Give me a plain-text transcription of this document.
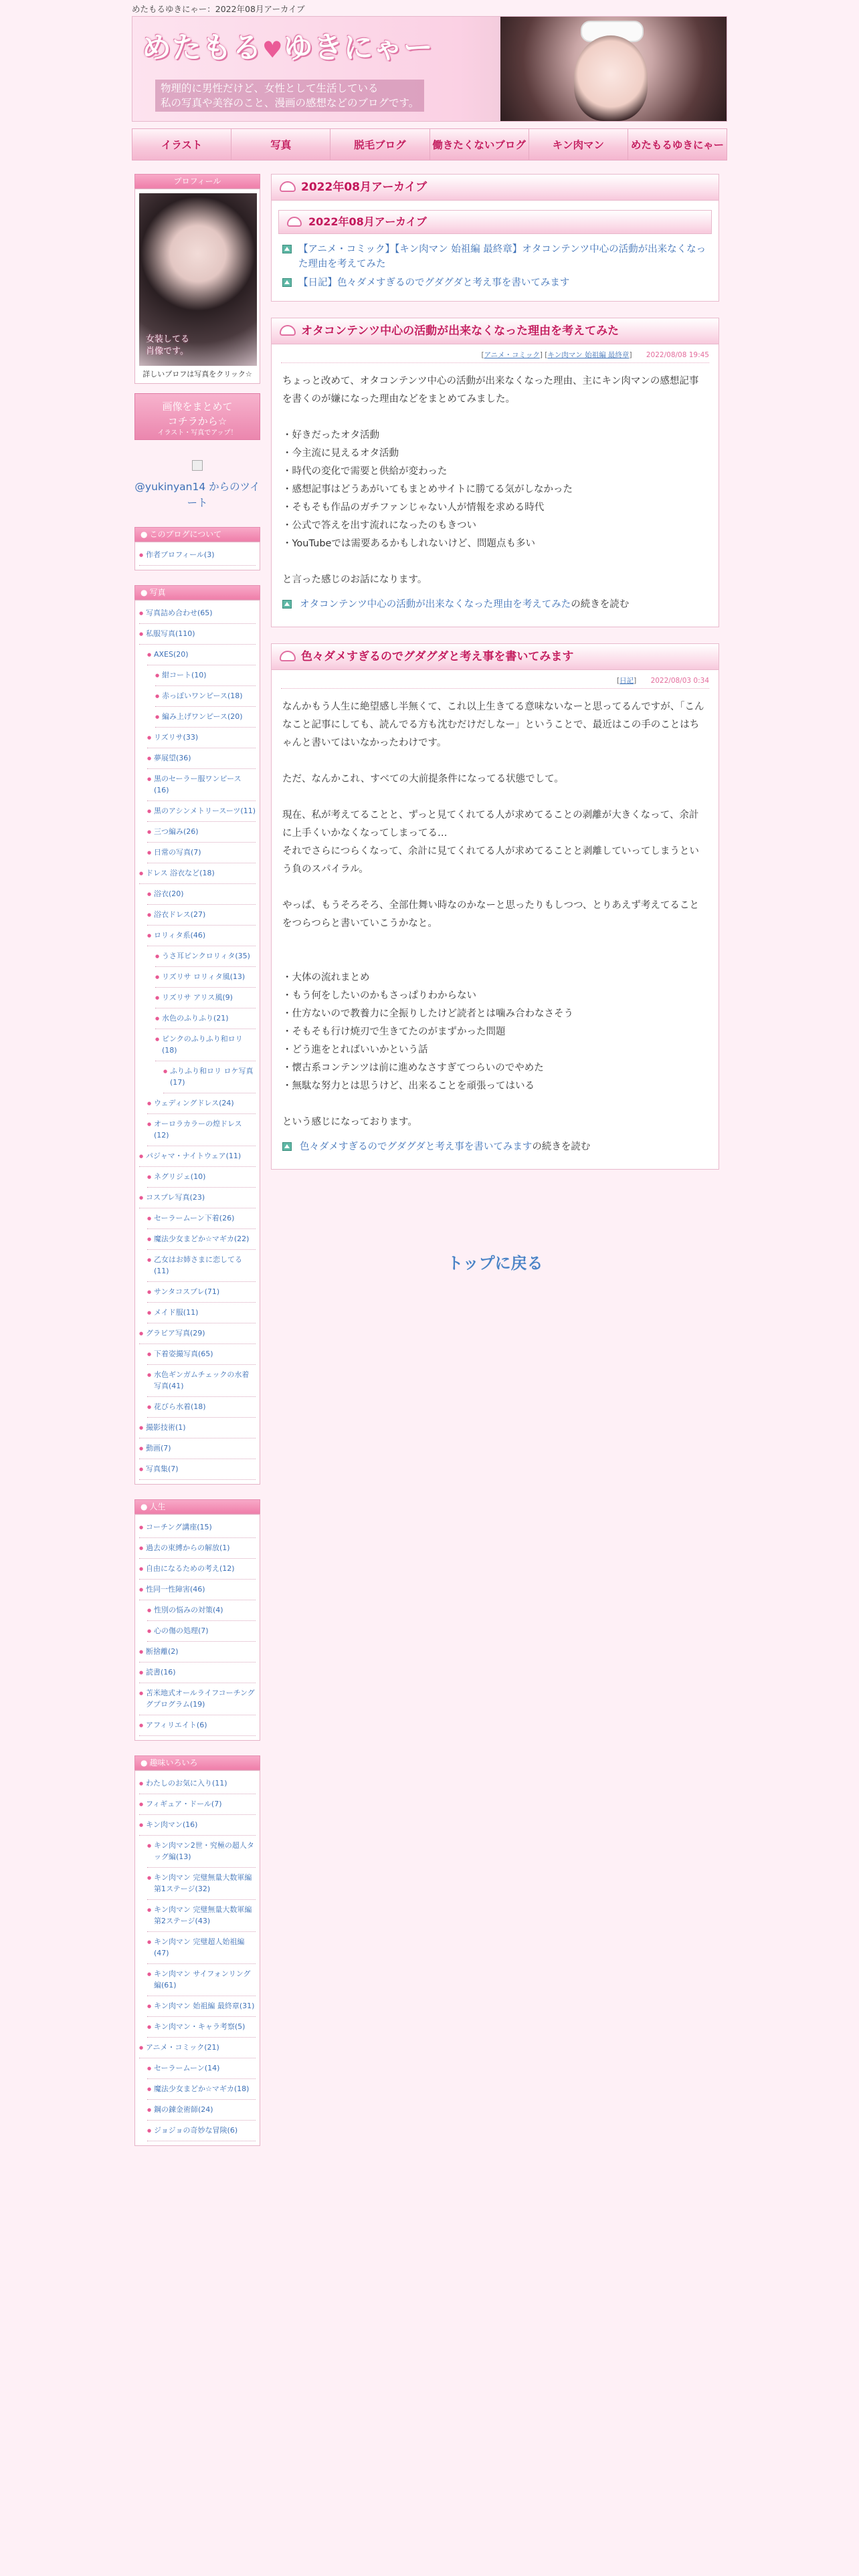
めたもるゆきにゃー：2022年08月アーカイブ
めたもる♥ゆきにゃー
物理的に男性だけど、女性として生活している
私の写真や美容のこと、漫画の感想などのブログです。
イラスト	写真	脱毛ブログ	働きたくないブログ	キン肉マン	めたもるゆきにゃー
プロフィール
女装してる
肖像です。
詳しいプロフは写真をクリック☆
画像をまとめて
コチラから☆
イラスト・写真でアップ！
@yukinyan14 からのツイート
● このブログについて
● 作者プロフィール(3)
● 写真
● 写真詰め合わせ(65)
● 私服写真(110)
● AXES(20)
● 紺コート(10)
● 赤っぽいワンピース(18)
● 編み上げワンピース(20)
● リズリサ(33)
● 夢展望(36)
● 黒のセーラー服ワンピース(16)
● 黒のアシンメトリースーツ(11)
● 三つ編み(26)
● 日常の写真(7)
● ドレス 浴衣など(18)
● 浴衣(20)
● 浴衣ドレス(27)
● ロリィタ系(46)
● うさ耳ピンクロリィタ(35)
● リズリサ ロリィタ風(13)
● リズリサ アリス風(9)
● 水色のふりふり(21)
● ピンクのふりふり和ロリ(18)
● ふりふり和ロリ ロケ写真(17)
● ウェディングドレス(24)
● オーロラカラーの煌ドレス(12)
● パジャマ・ナイトウェア(11)
● ネグリジェ(10)
● コスプレ写真(23)
● セーラームーン下着(26)
● 魔法少女まどか☆マギカ(22)
● 乙女はお姉さまに恋してる(11)
● サンタコスプレ(71)
● メイド服(11)
● グラビア写真(29)
● 下着姿撮写真(65)
● 水色ギンガムチェックの水着写真(41)
● 花びら水着(18)
● 撮影技術(1)
● 動画(7)
● 写真集(7)
● 人生
● コーチング講座(15)
● 過去の束縛からの解放(1)
● 自由になるための考え(12)
● 性同一性障害(46)
● 性別の悩みの対策(4)
● 心の傷の処理(7)
● 断捨離(2)
● 読書(16)
● 苫米地式オールライフコーチンググプログラム(19)
● アフィリエイト(6)
● 趣味いろいろ
● わたしのお気に入り(11)
● フィギュア・ドール(7)
● キン肉マン(16)
● キン肉マン2世・究極の超人タッグ編(13)
● キン肉マン 完璧無量大数軍編　第1ステージ(32)
● キン肉マン 完璧無量大数軍編　第2ステージ(43)
● キン肉マン 完璧超人始祖編(47)
● キン肉マン サイフォンリング編(61)
● キン肉マン 始祖編 最終章(31)
● キン肉マン・キャラ考察(5)
● アニメ・コミック(21)
● セーラームーン(14)
● 魔法少女まどか☆マギカ(18)
● 鋼の錬金術師(24)
● ジョジョの奇妙な冒険(6)
2022年08月アーカイブ
2022年08月アーカイブ
【アニメ・コミック】【キン肉マン 始祖編 最終章】オタコンテンツ中心の活動が出来なくなった理由を考えてみた
【日記】色々ダメすぎるのでグダグダと考え事を書いてみます
オタコンテンツ中心の活動が出来なくなった理由を考えてみた
[アニメ・コミック] [キン肉マン 始祖編 最終章] 2022/08/08 19:45
ちょっと改めて、オタコンテンツ中心の活動が出来なくなった理由、主にキン肉マンの感想記事を書くのが嫌になった理由などをまとめてみました。

・好きだったオタ活動
・今主流に見えるオタ活動
・時代の変化で需要と供給が変わった
・感想記事はどうあがいてもまとめサイトに勝てる気がしなかった
・そもそも作品のガチファンじゃない人が情報を求める時代
・公式で答えを出す流れになったのもきつい
・YouTubeでは需要あるかもしれないけど、問題点も多い

と言った感じのお話になります。
オタコンテンツ中心の活動が出来なくなった理由を考えてみたの続きを読む
色々ダメすぎるのでグダグダと考え事を書いてみます
[日記] 2022/08/03 0:34
なんかもう人生に絶望感し半無くて、これ以上生きてる意味ないなーと思ってるんですが、「こんなこと記事にしても、読んでる方も沈むだけだしなー」ということで、最近はこの手のことはちゃんと書いてはいなかったわけです。

ただ、なんかこれ、すべての大前提条件になってる状態でして。

現在、私が考えてることと、ずっと見てくれてる人が求めてることの剥離が大きくなって、余計に上手くいかなくなってしまってる…
それでさらにつらくなって、余計に見てくれてる人が求めてることと剥離していってしまうという負のスパイラル。

やっぱ、もうそろそろ、全部仕舞い時なのかなーと思ったりもしつつ、とりあえず考えてることをつらつらと書いていこうかなと。

・大体の流れまとめ
・もう何をしたいのかもさっぱりわからない
・仕方ないので教養力に全振りしたけど読者とは噛み合わなさそう
・そもそも行け焼刃で生きてたのがまずかった問題
・どう進をとればいいかという話
・懐古系コンテンツは前に進めなさすぎてつらいのでやめた
・無駄な努力とは思うけど、出来ることを頑張ってはいる

という感じになっております。
色々ダメすぎるのでグダグダと考え事を書いてみますの続きを読む
トップに戻る
